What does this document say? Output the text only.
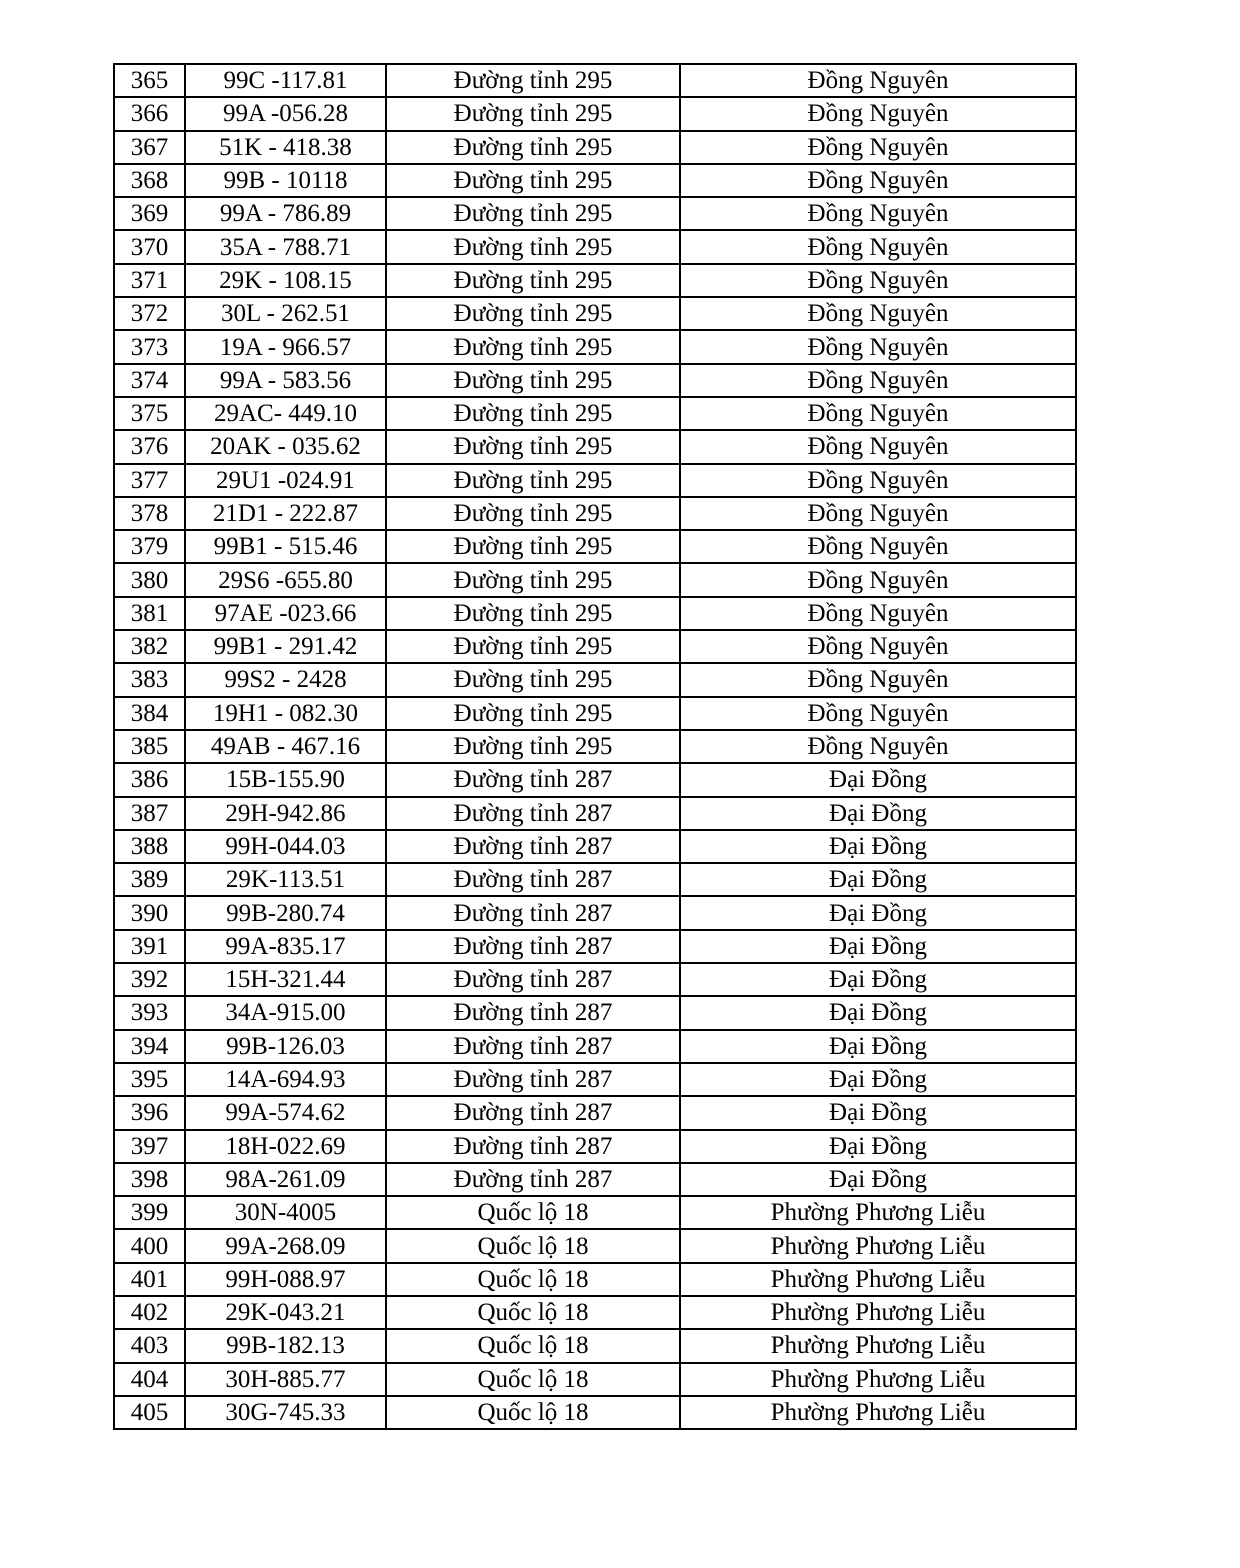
365	99C -117.81	Đường tỉnh 295	Đồng Nguyên
366	99A -056.28	Đường tỉnh 295	Đồng Nguyên
367	51K - 418.38	Đường tỉnh 295	Đồng Nguyên
368	99B - 10118	Đường tỉnh 295	Đồng Nguyên
369	99A - 786.89	Đường tỉnh 295	Đồng Nguyên
370	35A - 788.71	Đường tỉnh 295	Đồng Nguyên
371	29K - 108.15	Đường tỉnh 295	Đồng Nguyên
372	30L - 262.51	Đường tỉnh 295	Đồng Nguyên
373	19A - 966.57	Đường tỉnh 295	Đồng Nguyên
374	99A - 583.56	Đường tỉnh 295	Đồng Nguyên
375	29AC- 449.10	Đường tỉnh 295	Đồng Nguyên
376	20AK - 035.62	Đường tỉnh 295	Đồng Nguyên
377	29U1 -024.91	Đường tỉnh 295	Đồng Nguyên
378	21D1 - 222.87	Đường tỉnh 295	Đồng Nguyên
379	99B1 - 515.46	Đường tỉnh 295	Đồng Nguyên
380	29S6 -655.80	Đường tỉnh 295	Đồng Nguyên
381	97AE -023.66	Đường tỉnh 295	Đồng Nguyên
382	99B1 - 291.42	Đường tỉnh 295	Đồng Nguyên
383	99S2 - 2428	Đường tỉnh 295	Đồng Nguyên
384	19H1 - 082.30	Đường tỉnh 295	Đồng Nguyên
385	49AB - 467.16	Đường tỉnh 295	Đồng Nguyên
386	15B-155.90	Đường tỉnh 287	Đại Đồng
387	29H-942.86	Đường tỉnh 287	Đại Đồng
388	99H-044.03	Đường tỉnh 287	Đại Đồng
389	29K-113.51	Đường tỉnh 287	Đại Đồng
390	99B-280.74	Đường tỉnh 287	Đại Đồng
391	99A-835.17	Đường tỉnh 287	Đại Đồng
392	15H-321.44	Đường tỉnh 287	Đại Đồng
393	34A-915.00	Đường tỉnh 287	Đại Đồng
394	99B-126.03	Đường tỉnh 287	Đại Đồng
395	14A-694.93	Đường tỉnh 287	Đại Đồng
396	99A-574.62	Đường tỉnh 287	Đại Đồng
397	18H-022.69	Đường tỉnh 287	Đại Đồng
398	98A-261.09	Đường tỉnh 287	Đại Đồng
399	30N-4005	Quốc lộ 18	Phường Phương Liễu
400	99A-268.09	Quốc lộ 18	Phường Phương Liễu
401	99H-088.97	Quốc lộ 18	Phường Phương Liễu
402	29K-043.21	Quốc lộ 18	Phường Phương Liễu
403	99B-182.13	Quốc lộ 18	Phường Phương Liễu
404	30H-885.77	Quốc lộ 18	Phường Phương Liễu
405	30G-745.33	Quốc lộ 18	Phường Phương Liễu
